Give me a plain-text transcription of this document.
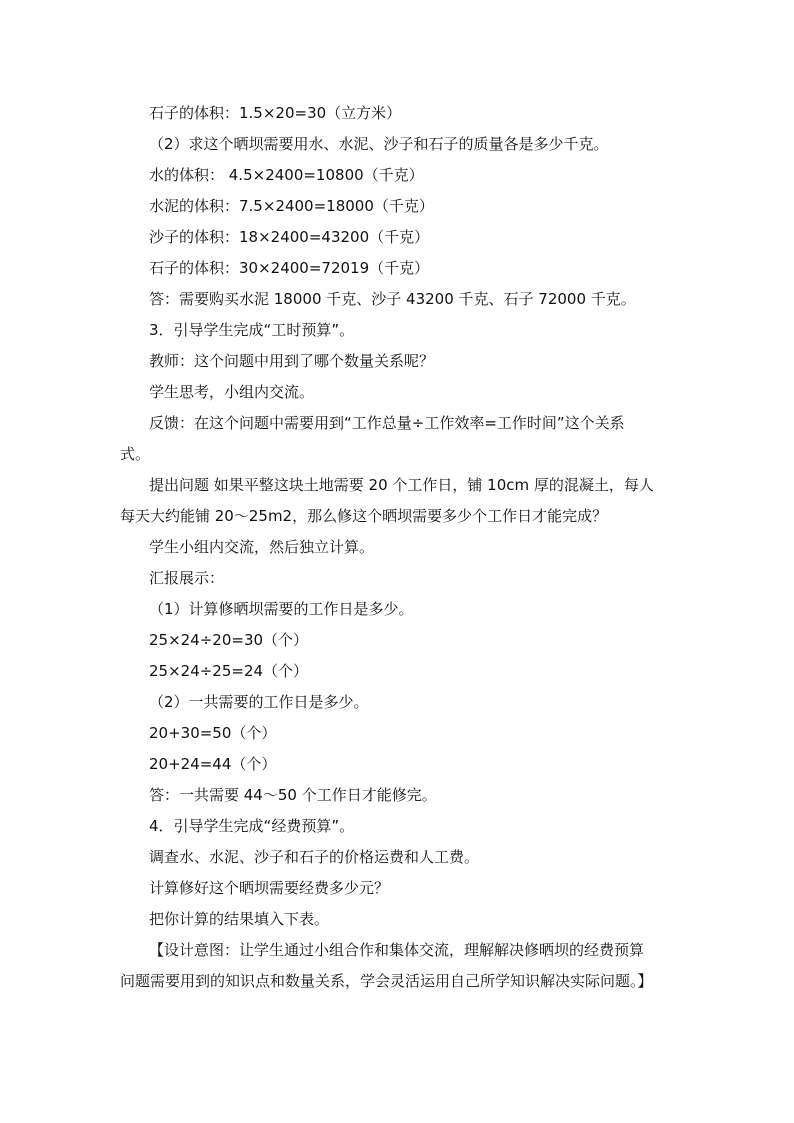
石子的体积：1.5×20=30（立方米）
（2）求这个晒坝需要用水、水泥、沙子和石子的质量各是多少千克。
水的体积： 4.5×2400=10800（千克）
水泥的体积：7.5×2400=18000（千克）
沙子的体积：18×2400=43200（千克）
石子的体积：30×2400=72019（千克）
答：需要购买水泥 18000 千克、沙子 43200 千克、石子 72000 千克。
3．引导学生完成“工时预算”。
教师：这个问题中用到了哪个数量关系呢？
学生思考，小组内交流。
反馈：在这个问题中需要用到“工作总量÷工作效率=工作时间”这个关系
式。
提出问题 如果平整这块土地需要 20 个工作日，铺 10cm 厚的混凝土，每人
每天大约能铺 20～25m2，那么修这个晒坝需要多少个工作日才能完成？
学生小组内交流，然后独立计算。
汇报展示：
（1）计算修晒坝需要的工作日是多少。
25×24÷20=30（个）
25×24÷25=24（个）
（2）一共需要的工作日是多少。
20+30=50（个）
20+24=44（个）
答：一共需要 44～50 个工作日才能修完。
4．引导学生完成“经费预算”。
调查水、水泥、沙子和石子的价格运费和人工费。
计算修好这个晒坝需要经费多少元？
把你计算的结果填入下表。
【设计意图：让学生通过小组合作和集体交流，理解解决修晒坝的经费预算
问题需要用到的知识点和数量关系，学会灵活运用自己所学知识解决实际问题。】
